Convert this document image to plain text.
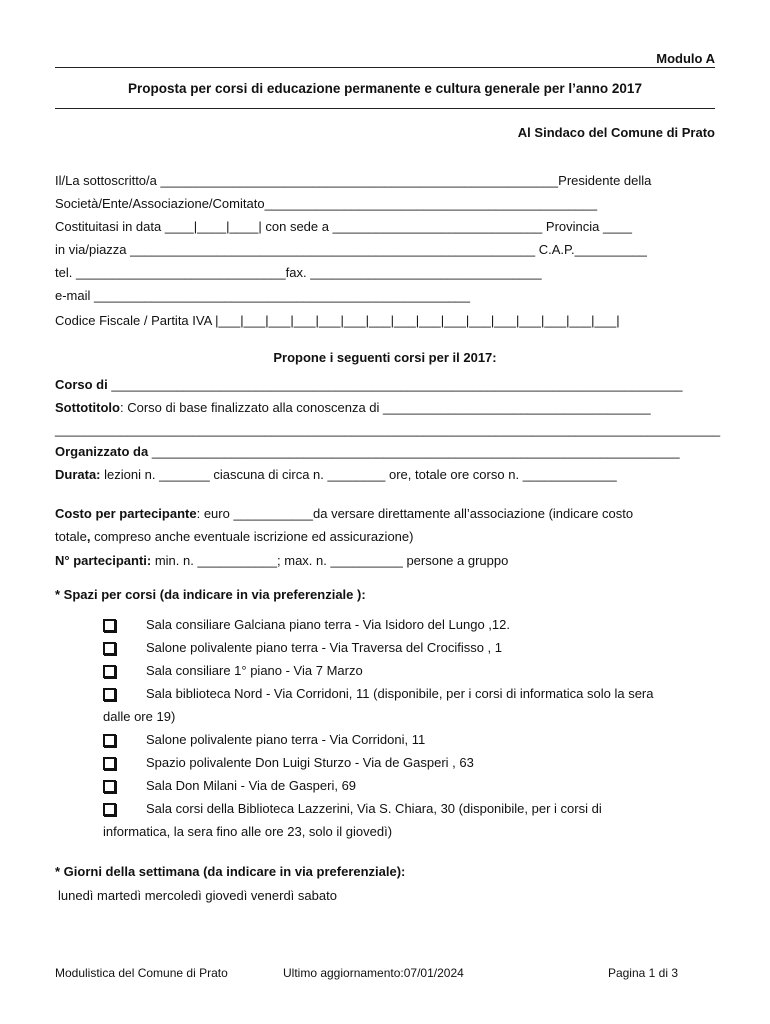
Modulo A
Proposta per corsi di educazione permanente e cultura generale per l’anno 2017
Al Sindaco del Comune di Prato
Il/La sottoscritto/a _______________________________________________________Presidente della
Società/Ente/Associazione/Comitato______________________________________________
Costituitasi in data ____|____|____| con sede a _____________________________ Provincia ____
in via/piazza ________________________________________________________ C.A.P.__________
tel. _____________________________fax. ________________________________
e-mail ____________________________________________________
Codice Fiscale / Partita IVA |___|___|___|___|___|___|___|___|___|___|___|___|___|___|___|___|
Propone i seguenti corsi per il 2017:
Corso di _______________________________________________________________________________
Sottotitolo: Corso di base finalizzato alla conoscenza di _____________________________________
____________________________________________________________________________________________
Organizzato da _________________________________________________________________________
Durata: lezioni n. _______ ciascuna di circa n. ________ ore, totale ore corso n. _____________
Costo per partecipante: euro ___________da versare direttamente all’associazione (indicare costo
totale, compreso anche eventuale iscrizione ed assicurazione)
N° partecipanti: min. n. ___________; max. n. __________ persone a gruppo
* Spazi per corsi (da indicare in via preferenziale ):
Sala consiliare Galciana piano terra - Via Isidoro del Lungo ,12.
Salone polivalente piano terra - Via Traversa del Crocifisso , 1
Sala consiliare 1° piano - Via 7 Marzo
Sala biblioteca Nord - Via Corridoni, 11 (disponibile, per i corsi di informatica solo la sera
dalle ore 19)
Salone polivalente piano terra - Via Corridoni, 11
Spazio polivalente Don Luigi Sturzo - Via de Gasperi , 63
Sala Don Milani - Via de Gasperi, 69
Sala corsi della Biblioteca Lazzerini, Via S. Chiara, 30 (disponibile, per i corsi di
informatica, la sera fino alle ore 23, solo il giovedì)
* Giorni della settimana (da indicare in via preferenziale):
lunedì martedì mercoledì giovedì venerdì sabato
Modulistica del Comune di Prato	Ultimo aggiornamento:07/01/2024	Pagina 1 di 3
